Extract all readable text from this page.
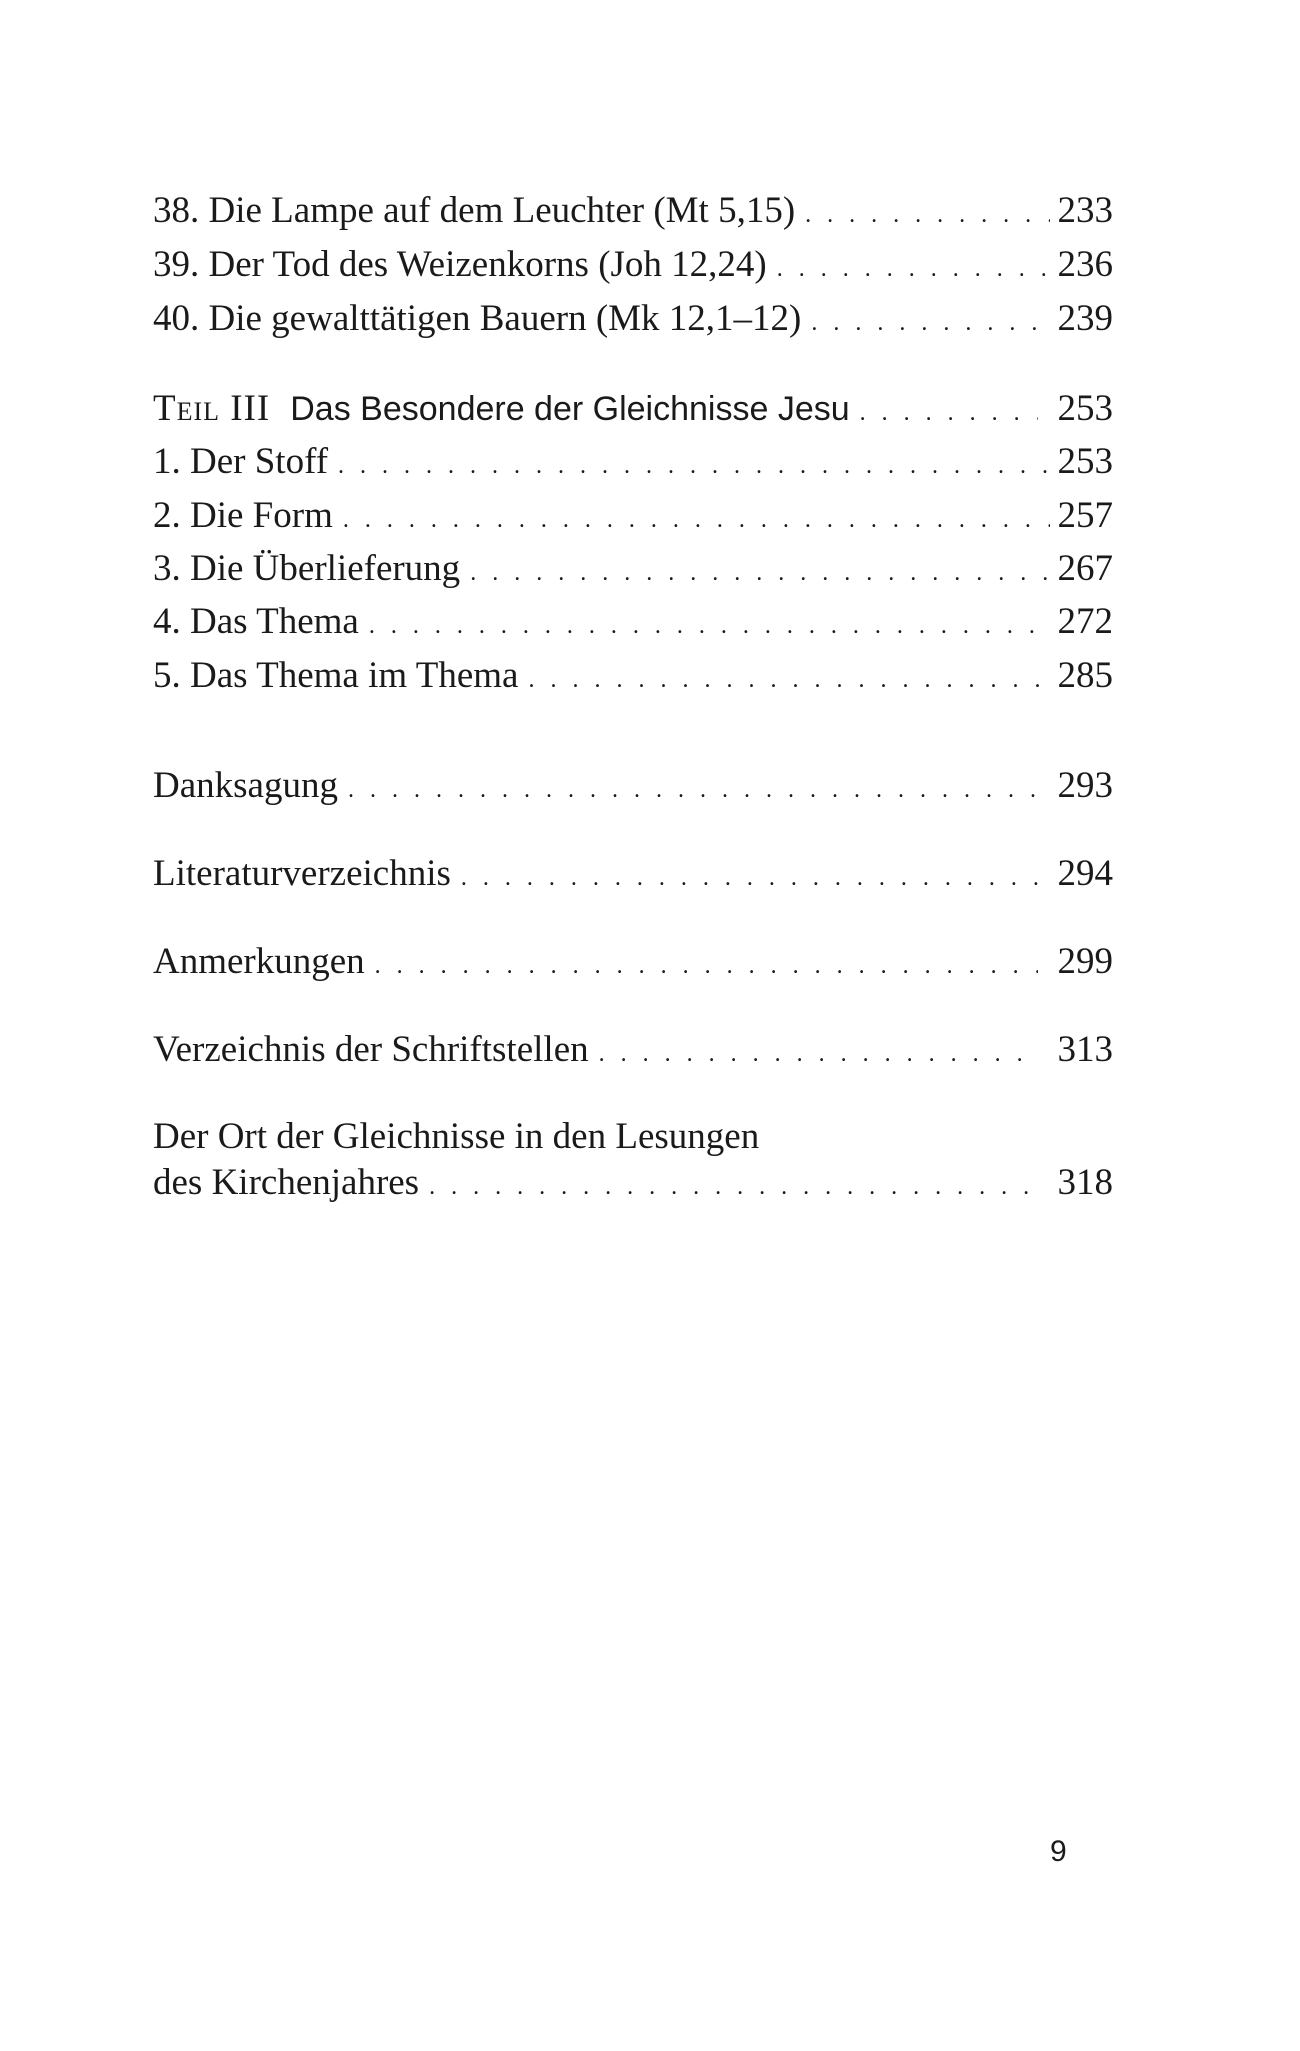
38. Die Lampe auf dem Leuchter (Mt 5,15) . . .	233
39. Der Tod des Weizenkorns (Joh 12,24) . . .	236
40. Die gewalttätigen Bauern (Mk 12,1–12) . . .	239
Teil III Das Besondere der Gleichnisse Jesu . . .	253
1. Der Stoff . . .	253
2. Die Form . . .	257
3. Die Überlieferung . . .	267
4. Das Thema . . .	272
5. Das Thema im Thema . . .	285
Danksagung . . .	293
Literaturverzeichnis . . .	294
Anmerkungen . . .	299
Verzeichnis der Schriftstellen . . .	313
Der Ort der Gleichnisse in den Lesungen
des Kirchenjahres . . .	318
9
